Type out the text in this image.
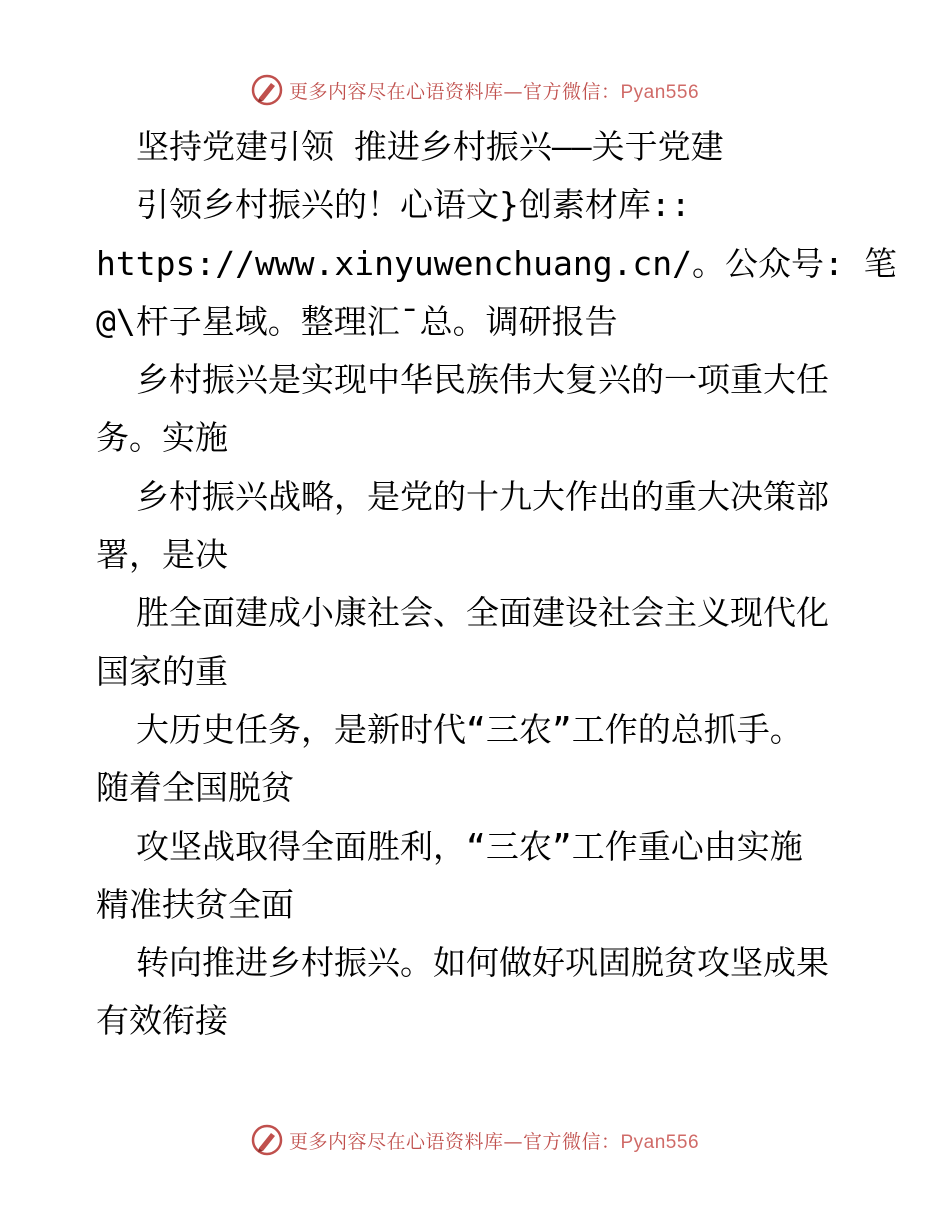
更多内容尽在心语资料库—官方微信：Pyan556
坚持党建引领 推进乡村振兴——关于党建
引领乡村振兴的！心语文}创素材库::
https://www.xinyuwenchuang.cn/。公众号: 笔
@\杆子星域。整理汇¯总。调研报告
乡村振兴是实现中华民族伟大复兴的一项重大任
务。实施
乡村振兴战略，是党的十九大作出的重大决策部
署，是决
胜全面建成小康社会、全面建设社会主义现代化
国家的重
大历史任务，是新时代“三农”工作的总抓手。
随着全国脱贫
攻坚战取得全面胜利，“三农”工作重心由实施
精准扶贫全面
转向推进乡村振兴。如何做好巩固脱贫攻坚成果
有效衔接
更多内容尽在心语资料库—官方微信：Pyan556
